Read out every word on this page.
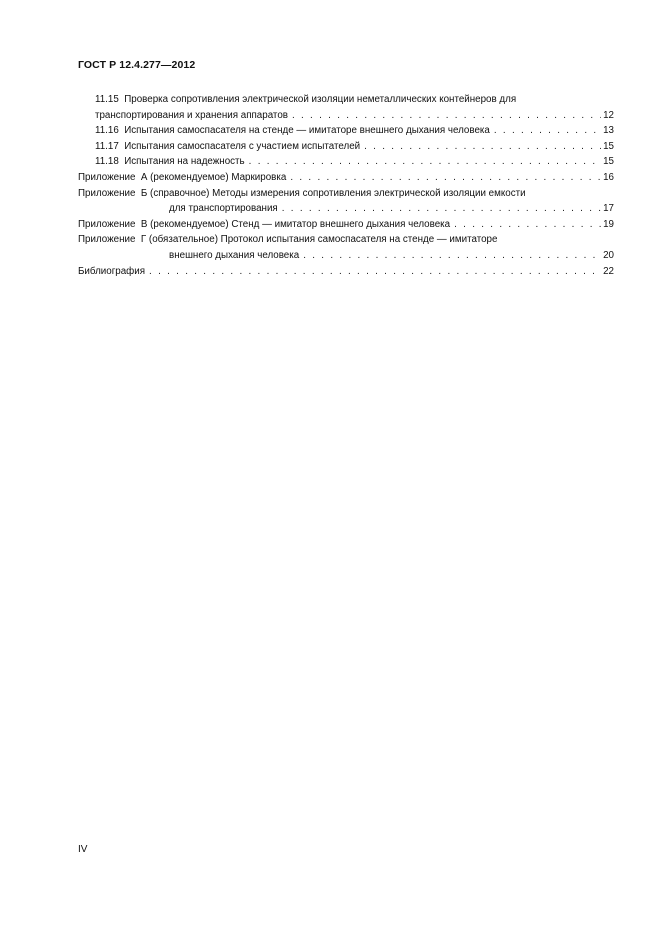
ГОСТ Р 12.4.277—2012
11.15  Проверка сопротивления электрической изоляции неметаллических контейнеров для
транспортирования и хранения аппаратов . . .	12
11.16  Испытания самоспасателя на стенде — имитаторе внешнего дыхания человека . . .	13
11.17  Испытания самоспасателя с участием испытателей . . .	15
11.18  Испытания на надежность . . .	15
Приложение  А (рекомендуемое) Маркировка . . .	16
Приложение  Б (справочное) Методы измерения сопротивления электрической изоляции емкости
для транспортирования . . .	17
Приложение  В (рекомендуемое) Стенд — имитатор внешнего дыхания человека . . .	19
Приложение  Г (обязательное) Протокол испытания самоспасателя на стенде — имитаторе
внешнего дыхания человека . . .	20
Библиография . . .	22
IV
